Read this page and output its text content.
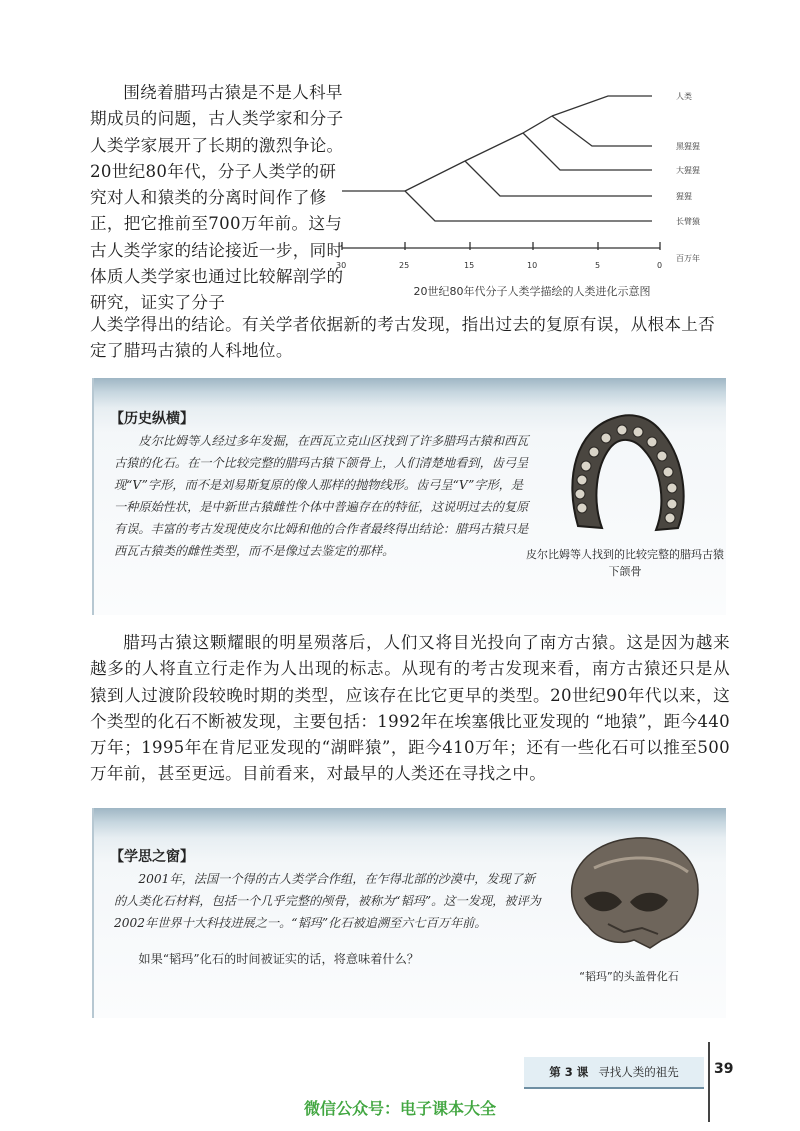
围绕着腊玛古猿是不是人科早期成员的问题，古人类学家和分子人类学家展开了长期的激烈争论。20世纪80年代，分子人类学的研究对人和猿类的分离时间作了修正，把它推前至700万年前。这与古人类学家的结论接近一步，同时体质人类学家也通过比较解剖学的研究，证实了分子

人类学得出的结论。有关学者依据新的考古发现，指出过去的复原有误，从根本上否定了腊玛古猿的人科地位。

人类
黑猩猩
大猩猩
猩猩
长臂猿
百万年
30	25	15	10	5	0
20世纪80年代分子人类学描绘的人类进化示意图
【历史纵横】

皮尔比姆等人经过多年发掘，在西瓦立克山区找到了许多腊玛古猿和西瓦古猿的化石。在一个比较完整的腊玛古猿下颌骨上，人们清楚地看到，齿弓呈现“V”字形，而不是刘易斯复原的像人那样的抛物线形。齿弓呈“V”字形，是一种原始性状，是中新世古猿雌性个体中普遍存在的特征，这说明过去的复原有误。丰富的考古发现使皮尔比姆和他的合作者最终得出结论：腊玛古猿只是西瓦古猿类的雌性类型，而不是像过去鉴定的那样。	皮尔比姆等人找到的比较完整的腊玛古猿下颌骨

腊玛古猿这颗耀眼的明星殒落后，人们又将目光投向了南方古猿。这是因为越来越多的人将直立行走作为人出现的标志。从现有的考古发现来看，南方古猿还只是从猿到人过渡阶段较晚时期的类型，应该存在比它更早的类型。20世纪90年代以来，这个类型的化石不断被发现，主要包括：1992年在埃塞俄比亚发现的 “地猿”，距今440万年；1995年在肯尼亚发现的“湖畔猿”，距今410万年；还有一些化石可以推至500万年前，甚至更远。目前看来，对最早的人类还在寻找之中。

【学思之窗】

2001年，法国一个得的古人类学合作组，在乍得北部的沙漠中，发现了新的人类化石材料，包括一个几乎完整的颅骨，被称为“韬玛”。这一发现，被评为2002年世界十大科技进展之一。“韬玛”化石被追溯至六七百万年前。

如果“韬玛”化石的时间被证实的话，将意味着什么？

“韬玛”的头盖骨化石
第 3 课 寻找人类的祖先	39
微信公众号：电子课本大全
